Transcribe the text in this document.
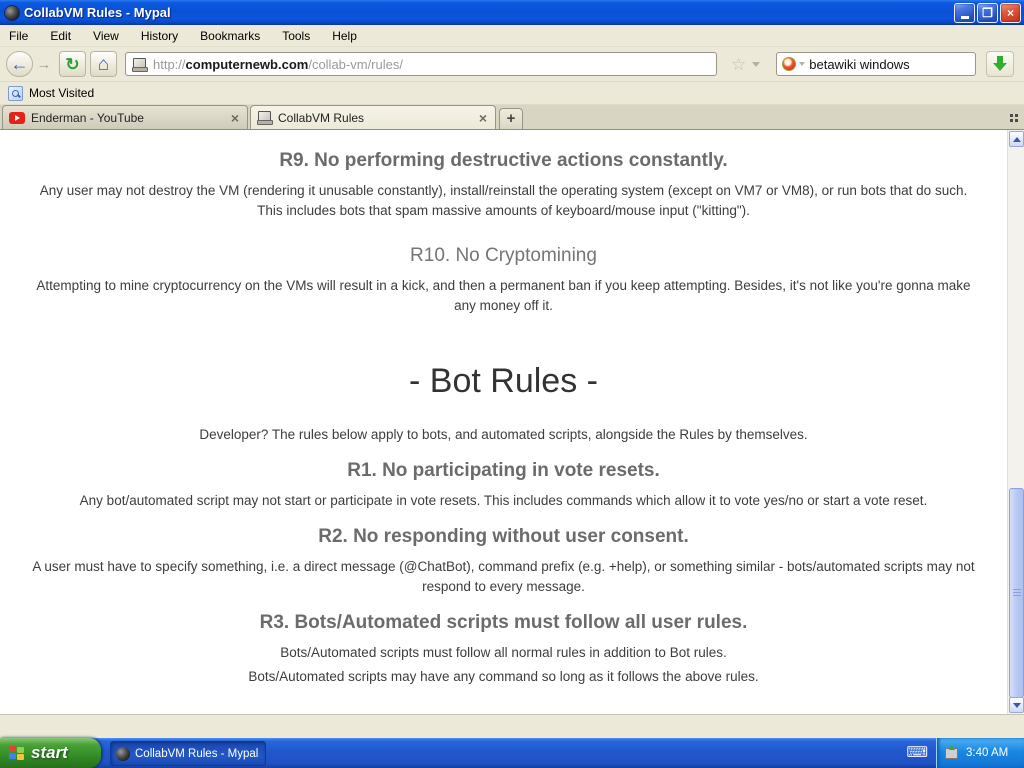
CollabVM Rules - Mypal	❐	×
File	Edit	View	History	Bookmarks	Tools	Help
← → ↻ ⌂	http://computernewb.com/collab-vm/rules/	☆
betawiki windows
Most Visited
Enderman - YouTube	×	CollabVM Rules	×	+
R9. No performing destructive actions constantly.

Any user may not destroy the VM (rendering it unusable constantly), install/reinstall the operating system (except on VM7 or VM8), or run bots that do such. This includes bots that spam massive amounts of keyboard/mouse input ("kitting").

R10. No Cryptomining

Attempting to mine cryptocurrency on the VMs will result in a kick, and then a permanent ban if you keep attempting. Besides, it's not like you're gonna make any money off it.

- Bot Rules -

Developer? The rules below apply to bots, and automated scripts, alongside the Rules by themselves.

R1. No participating in vote resets.

Any bot/automated script may not start or participate in vote resets. This includes commands which allow it to vote yes/no or start a vote reset.

R2. No responding without user consent.

A user must have to specify something, i.e. a direct message (@ChatBot), command prefix (e.g. +help), or something similar - bots/automated scripts may not respond to every message.

R3. Bots/Automated scripts must follow all user rules.

Bots/Automated scripts must follow all normal rules in addition to Bot rules.

Bots/Automated scripts may have any command so long as it follows the above rules.

start	CollabVM Rules - Mypal	⌨	3:40 AM
